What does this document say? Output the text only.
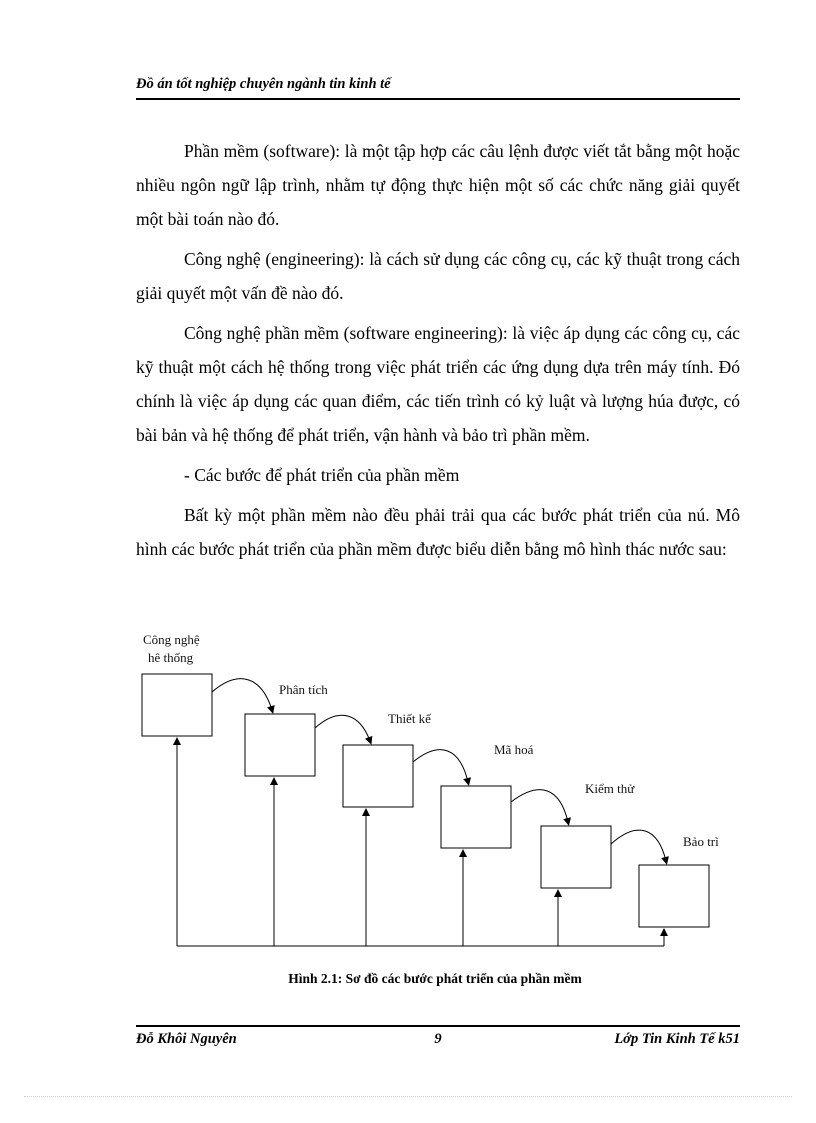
Đồ án tốt nghiệp chuyên ngành tin kinh tế

Phần mềm (software): là một tập hợp các câu lệnh được viết tắt bằng một hoặc nhiều ngôn ngữ lập trình, nhằm tự động thực hiện một số các chức năng giải quyết một bài toán nào đó.

Công nghệ (engineering): là cách sử dụng các công cụ, các kỹ thuật trong cách giải quyết một vấn đề nào đó.

Công nghệ phần mềm (software engineering): là việc áp dụng các công cụ, các kỹ thuật một cách hệ thống trong việc phát triển các ứng dụng dựa trên máy tính. Đó chính là việc áp dụng các quan điểm, các tiến trình có kỷ luật và lượng húa được, có bài bản và hệ thống để phát triển, vận hành và bảo trì phần mềm.

- Các bước để phát triển của phần mềm

Bất kỳ một phần mềm nào đều phải trải qua các bước phát triển của nú. Mô hình các bước phát triển của phần mềm được biểu diễn bằng mô hình thác nước sau:

Công nghệ
hê thống
Phân tích
Thiết kế
Mã hoá
Kiểm thử
Bảo trì
Hình 2.1: Sơ đồ các bước phát triển của phần mềm
Đỗ Khôi Nguyên	9	Lớp Tin Kinh Tế k51
